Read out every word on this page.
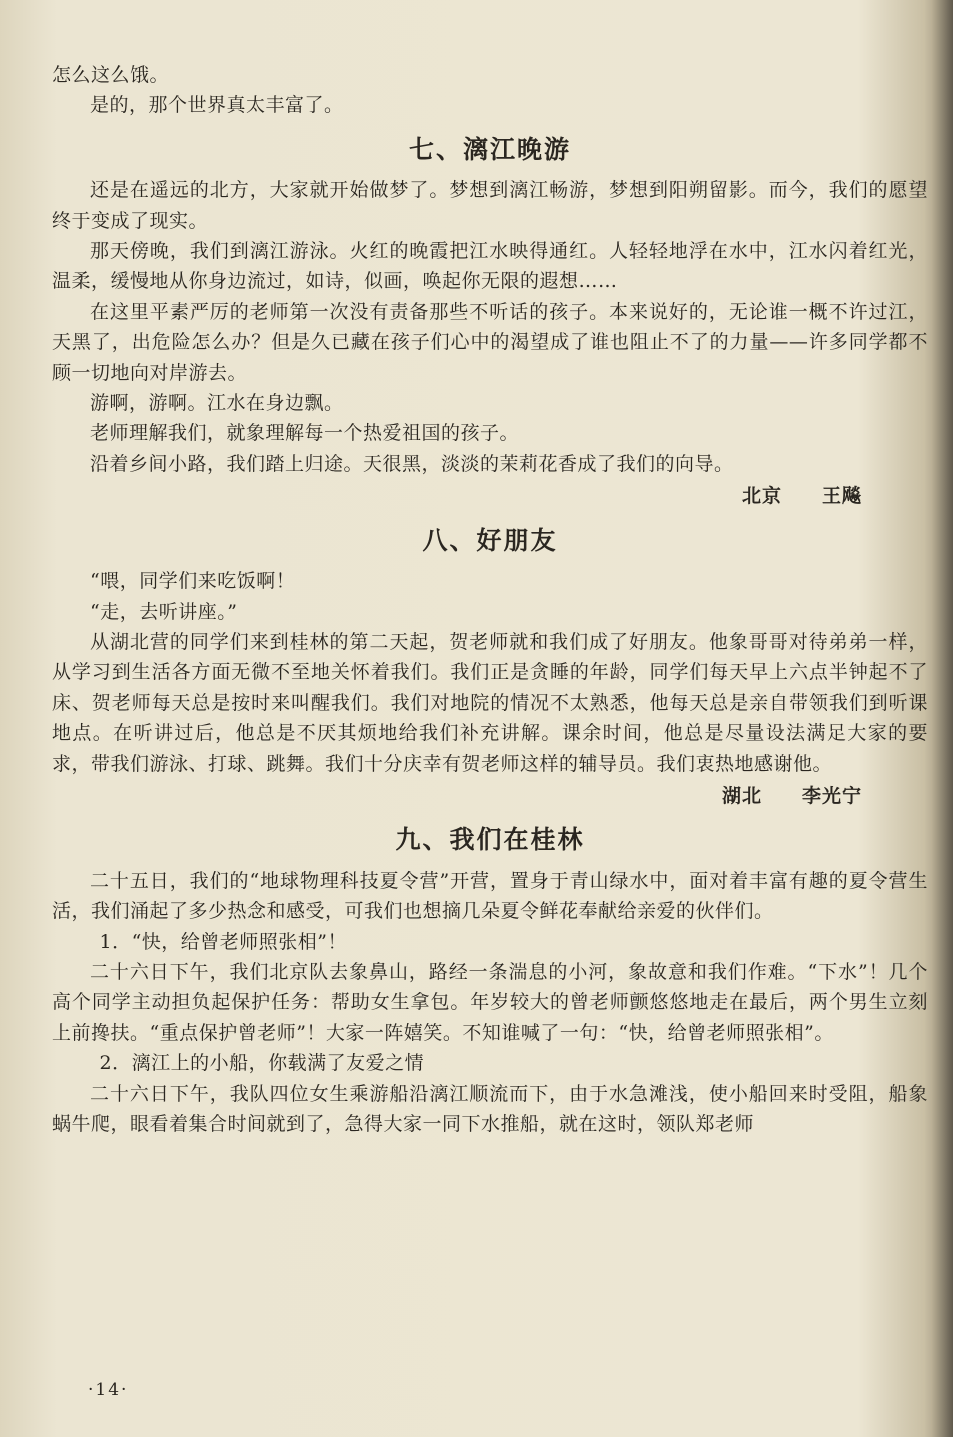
怎么这么饿。

是的，那个世界真太丰富了。

七、漓江晚游

还是在遥远的北方，大家就开始做梦了。梦想到漓江畅游，梦想到阳朔留影。而今，我们的愿望终于变成了现实。

那天傍晚，我们到漓江游泳。火红的晚霞把江水映得通红。人轻轻地浮在水中，江水闪着红光，温柔，缓慢地从你身边流过，如诗，似画，唤起你无限的遐想……

在这里平素严厉的老师第一次没有责备那些不听话的孩子。本来说好的，无论谁一概不许过江，天黑了，出危险怎么办？但是久已藏在孩子们心中的渴望成了谁也阻止不了的力量——许多同学都不顾一切地向对岸游去。

游啊，游啊。江水在身边飘。

老师理解我们，就象理解每一个热爱祖国的孩子。

沿着乡间小路，我们踏上归途。天很黑，淡淡的茉莉花香成了我们的向导。

北京 王飚
八、好朋友

“喂，同学们来吃饭啊！

“走，去听讲座。”

从湖北营的同学们来到桂林的第二天起，贺老师就和我们成了好朋友。他象哥哥对待弟弟一样，从学习到生活各方面无微不至地关怀着我们。我们正是贪睡的年龄，同学们每天早上六点半钟起不了床、贺老师每天总是按时来叫醒我们。我们对地院的情况不太熟悉，他每天总是亲自带领我们到听课地点。在听讲过后，他总是不厌其烦地给我们补充讲解。课余时间，他总是尽量设法满足大家的要求，带我们游泳、打球、跳舞。我们十分庆幸有贺老师这样的辅导员。我们衷热地感谢他。

湖北 李光宁
九、我们在桂林

二十五日，我们的“地球物理科技夏令营”开营，置身于青山绿水中，面对着丰富有趣的夏令营生活，我们涌起了多少热念和感受，可我们也想摘几朵夏令鲜花奉献给亲爱的伙伴们。

1．“快，给曾老师照张相”！

二十六日下午，我们北京队去象鼻山，路经一条湍息的小河，象故意和我们作难。“下水”！几个高个同学主动担负起保护任务：帮助女生拿包。年岁较大的曾老师颤悠悠地走在最后，两个男生立刻上前搀扶。“重点保护曾老师”！大家一阵嬉笑。不知谁喊了一句：“快，给曾老师照张相”。

2．漓江上的小船，你载满了友爱之情

二十六日下午，我队四位女生乘游船沿漓江顺流而下，由于水急滩浅，使小船回来时受阻，船象蜗牛爬，眼看着集合时间就到了，急得大家一同下水推船，就在这时，领队郑老师

·14·
